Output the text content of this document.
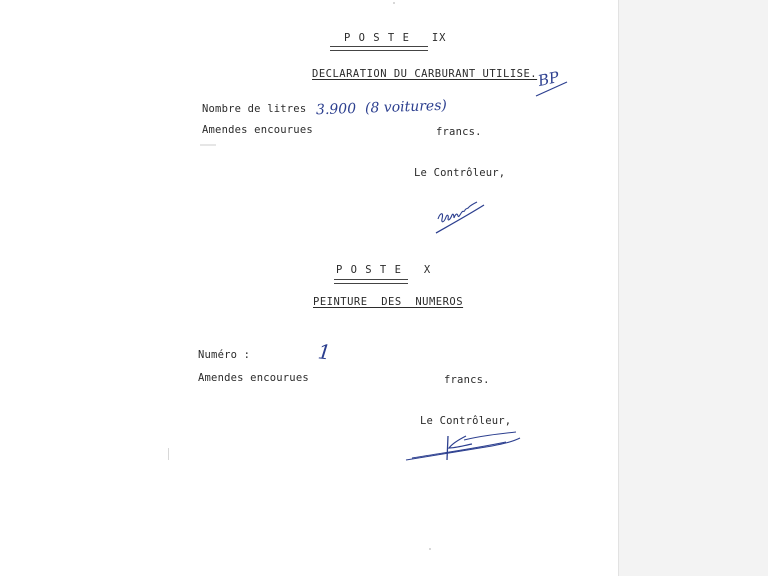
P O S T E   IX
DECLARATION DU CARBURANT UTILISE. BP
Nombre de litres 3.900  (8 voitures)
Amendes encourues	francs.
Le Contrôleur,
P O S T E   X
PEINTURE  DES  NUMEROS
Numéro :	1
Amendes encourues	francs.
Le Contrôleur,
